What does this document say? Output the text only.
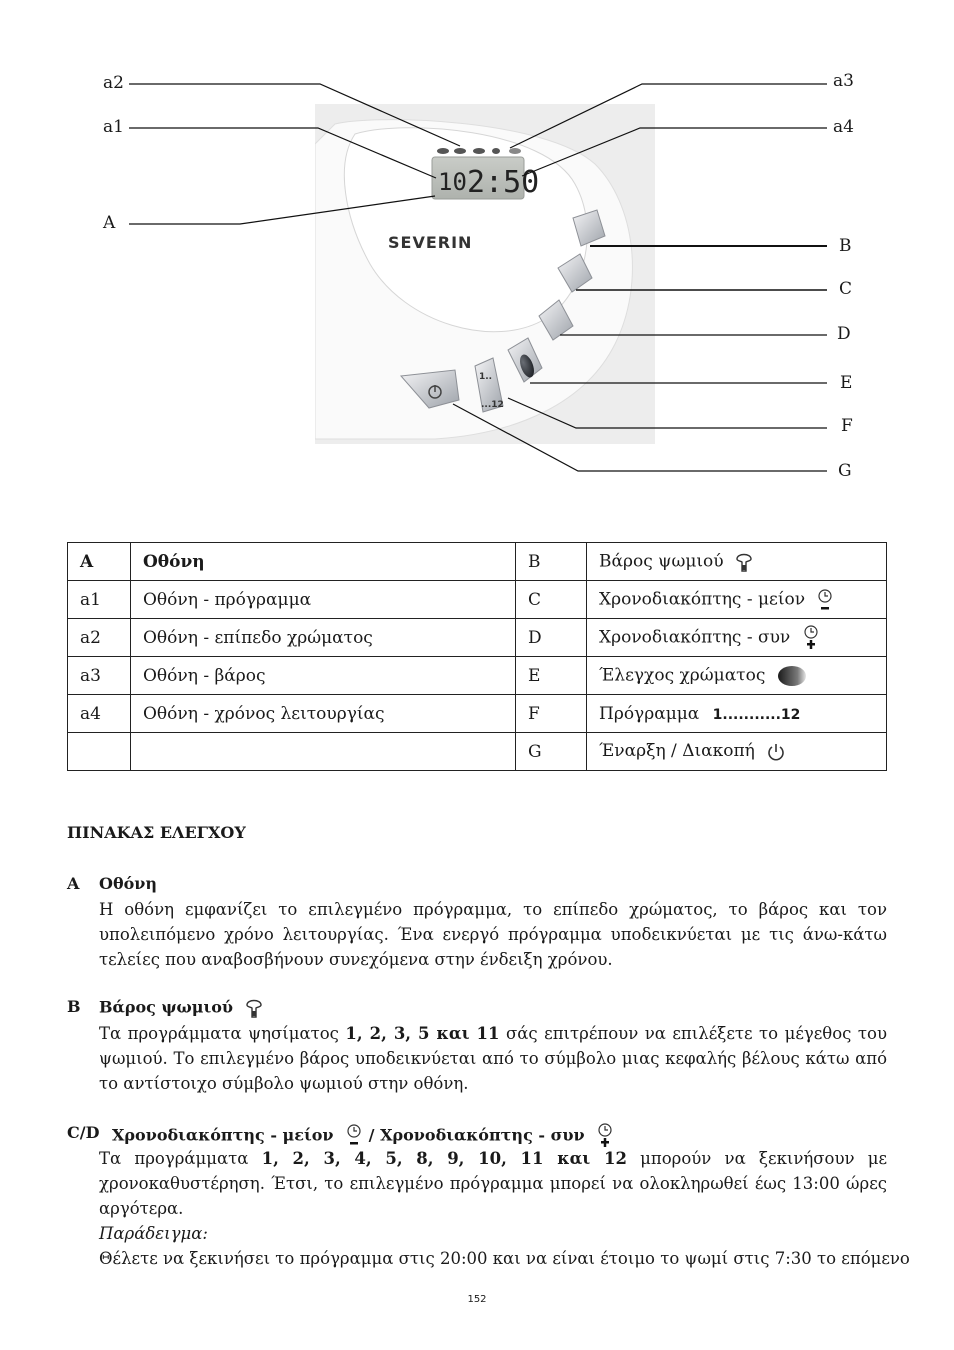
10 2:50
SEVERIN
1..
...12
a2
a1
A
a3
a4
B
C
D
E
F
G
A	Οθόνη	B	Βάρος ψωμιού
a1	Οθόνη - πρόγραμμα	C	Χρονοδιακόπτης - μείον
a2	Οθόνη - επίπεδο χρώματος	D	Χρονοδιακόπτης - συν
a3	Οθόνη - βάρος	E	Έλεγχος χρώματος
a4	Οθόνη - χρόνος λειτουργίας	F	Πρόγραμμα 1...........12
		G	Έναρξη / Διακοπή
ΠΙΝΑΚΑΣ ΕΛΕΓΧΟΥ
A Οθόνη
Η οθόνη εμφανίζει το επιλεγμένο πρόγραμμα, το επίπεδο χρώματος, το βάρος και τον υπολειπόμενο χρόνο λειτουργίας. Ένα ενεργό πρόγραμμα υποδεικνύεται με τις άνω-κάτω τελείες που αναβοσβήνουν συνεχόμενα στην ένδειξη χρόνου.
B Βάρος ψωμιού
Τα προγράμματα ψησίματος 1, 2, 3, 5 και 11 σάς επιτρέπουν να επιλέξετε το μέγεθος του ψωμιού. Το επιλεγμένο βάρος υποδεικνύεται από το σύμβολο μιας κεφαλής βέλους κάτω από το αντίστοιχο σύμβολο ψωμιού στην οθόνη.
C/D Χρονοδιακόπτης - μείον / Χρονοδιακόπτης - συν
Τα προγράμματα 1, 2, 3, 4, 5, 8, 9, 10, 11 και 12 μπορούν να ξεκινήσουν με χρονοκαθυστέρηση. Έτσι, το επιλεγμένο πρόγραμμα μπορεί να ολοκληρωθεί έως 13:00 ώρες αργότερα.
Παράδειγμα:
Θέλετε να ξεκινήσει το πρόγραμμα στις 20:00 και να είναι έτοιμο το ψωμί στις 7:30 το επόμενο
152
